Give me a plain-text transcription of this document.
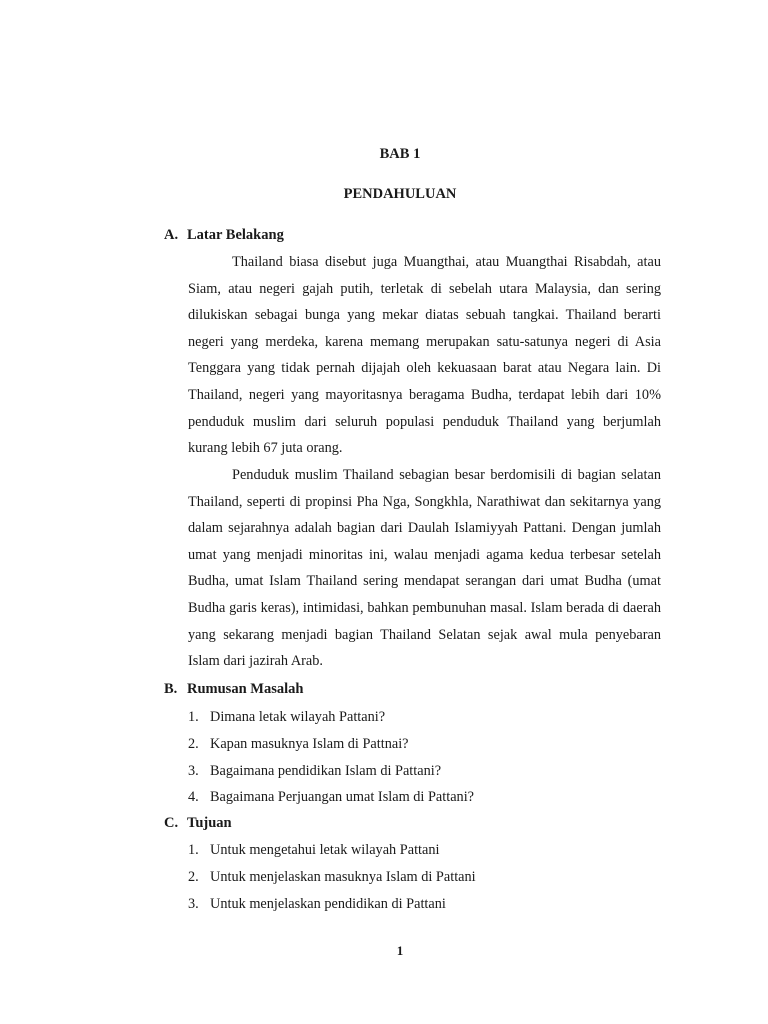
BAB 1
PENDAHULUAN
A. Latar Belakang

Thailand biasa disebut juga Muangthai, atau Muangthai Risabdah, atau Siam, atau negeri gajah putih, terletak di sebelah utara Malaysia, dan sering dilukiskan sebagai bunga yang mekar diatas sebuah tangkai. Thailand berarti negeri yang merdeka, karena memang merupakan satu-satunya negeri di Asia Tenggara yang tidak pernah dijajah oleh kekuasaan barat atau Negara lain. Di Thailand, negeri yang mayoritasnya beragama Budha, terdapat lebih dari 10% penduduk muslim dari seluruh populasi penduduk Thailand yang berjumlah kurang lebih 67 juta orang.

Penduduk muslim Thailand sebagian besar berdomisili di bagian selatan Thailand, seperti di propinsi Pha Nga, Songkhla, Narathiwat dan sekitarnya yang dalam sejarahnya adalah bagian dari Daulah Islamiyyah Pattani. Dengan jumlah umat yang menjadi minoritas ini, walau menjadi agama kedua terbesar setelah Budha, umat Islam Thailand sering mendapat serangan dari umat Budha (umat Budha garis keras), intimidasi, bahkan pembunuhan masal. Islam berada di daerah yang sekarang menjadi bagian Thailand Selatan sejak awal mula penyebaran Islam dari jazirah Arab.

B. Rumusan Masalah
1. Dimana letak wilayah Pattani?
2. Kapan masuknya Islam di Pattnai?
3. Bagaimana pendidikan Islam di Pattani?
4. Bagaimana Perjuangan umat Islam di Pattani?
C. Tujuan
1. Untuk mengetahui letak wilayah Pattani
2. Untuk menjelaskan masuknya Islam di Pattani
3. Untuk menjelaskan pendidikan di Pattani
1
